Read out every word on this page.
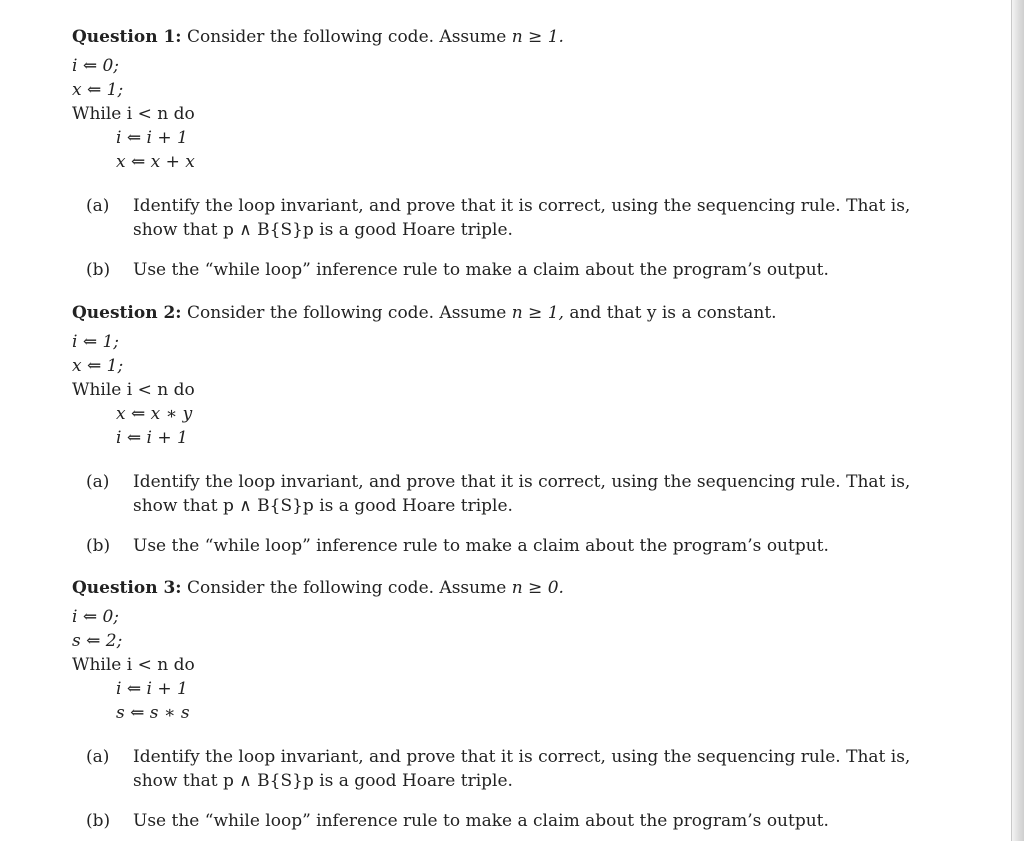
Question 1: Consider the following code. Assume n ≥ 1.
i ⇐ 0;
x ⇐ 1;
While i < n do
i ⇐ i + 1
x ⇐ x + x
(a) Identify the loop invariant, and prove that it is correct, using the sequencing rule. That is, show that p ∧ B{S}p is a good Hoare triple.
(b) Use the “while loop” inference rule to make a claim about the program’s output.
Question 2: Consider the following code. Assume n ≥ 1, and that y is a constant.
i ⇐ 1;
x ⇐ 1;
While i < n do
x ⇐ x ∗ y
i ⇐ i + 1
(a) Identify the loop invariant, and prove that it is correct, using the sequencing rule. That is, show that p ∧ B{S}p is a good Hoare triple.
(b) Use the “while loop” inference rule to make a claim about the program’s output.
Question 3: Consider the following code. Assume n ≥ 0.
i ⇐ 0;
s ⇐ 2;
While i < n do
i ⇐ i + 1
s ⇐ s ∗ s
(a) Identify the loop invariant, and prove that it is correct, using the sequencing rule. That is, show that p ∧ B{S}p is a good Hoare triple.
(b) Use the “while loop” inference rule to make a claim about the program’s output.
